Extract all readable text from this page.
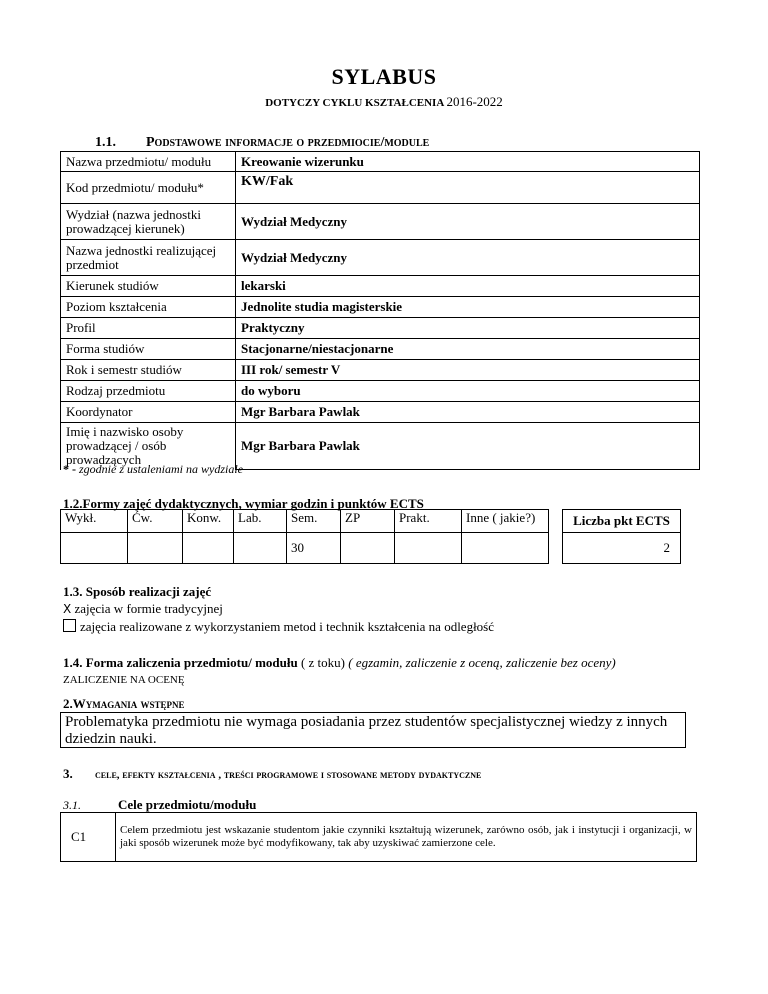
SYLABUS
DOTYCZY CYKLU KSZTAŁCENIA 2016-2022
1.1. Podstawowe informacje o przedmiocie/module
Nazwa przedmiotu/ modułu	Kreowanie wizerunku
Kod przedmiotu/ modułu*	KW/Fak
Wydział (nazwa jednostki prowadzącej kierunek)	Wydział Medyczny
Nazwa jednostki realizującej przedmiot	Wydział Medyczny
Kierunek studiów	lekarski
Poziom kształcenia	Jednolite studia magisterskie
Profil	Praktyczny
Forma studiów	Stacjonarne/niestacjonarne
Rok i semestr studiów	III rok/ semestr V
Rodzaj przedmiotu	do wyboru
Koordynator	Mgr Barbara Pawlak
Imię i nazwisko osoby prowadzącej / osób prowadzących	Mgr Barbara Pawlak
* - zgodnie z ustaleniami na wydziale
1.2.Formy zajęć dydaktycznych, wymiar godzin i punktów ECTS
Wykł.	Ćw.	Konw.	Lab.	Sem.	ZP	Prakt.	Inne ( jakie?)		Liczba pkt ECTS
				30					2
1.3. Sposób realizacji zajęć
X zajęcia w formie tradycyjnej
zajęcia realizowane z wykorzystaniem metod i technik kształcenia na odległość
1.4. Forma zaliczenia przedmiotu/ modułu ( z toku) ( egzamin, zaliczenie z oceną, zaliczenie bez oceny)
ZALICZENIE NA OCENĘ
2.Wymagania wstępne
Problematyka przedmiotu nie wymaga posiadania przez studentów specjalistycznej wiedzy z innych dziedzin nauki.
3. cele, efekty kształcenia , treści programowe i stosowane metody dydaktyczne
3.1.	Cele przedmiotu/modułu
C1	Celem przedmiotu jest wskazanie studentom jakie czynniki kształtują wizerunek, zarówno osób, jak i instytucji i organizacji, w jaki sposób wizerunek może być modyfikowany, tak aby uzyskiwać zamierzone cele.
